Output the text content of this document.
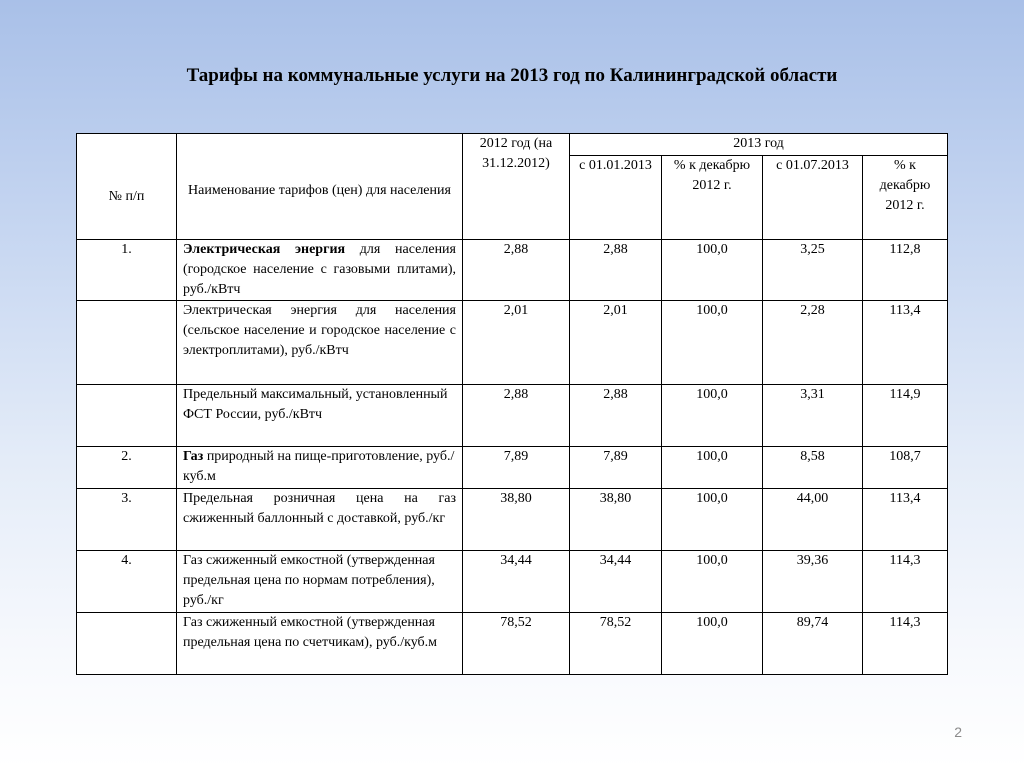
Тарифы на коммунальные услуги на 2013 год по Калининградской области
№ п/п	Наименование тарифов (цен) для населения	2012 год (на 31.12.2012)	2013 год			
			с 01.01.2013	% к декабрю 2012 г.	с 01.07.2013	% к декабрю 2012 г.
1.	Электрическая энергия для населения (городское население с газовыми плитами), руб./кВтч	2,88	2,88	100,0	3,25	112,8
	Электрическая энергия для населения (сельское население и городское население с электроплитами), руб./кВтч	2,01	2,01	100,0	2,28	113,4
	Предельный максимальный, установленный ФСТ России, руб./кВтч	2,88	2,88	100,0	3,31	114,9
2.	Газ природный на пище-приготовление, руб./куб.м	7,89	7,89	100,0	8,58	108,7
3.	Предельная розничная цена на газ сжиженный баллонный с доставкой, руб./кг	38,80	38,80	100,0	44,00	113,4
4.	Газ сжиженный емкостной (утвержденная предельная цена по нормам потребления), руб./кг	34,44	34,44	100,0	39,36	114,3
	Газ сжиженный емкостной (утвержденная предельная цена по счетчикам), руб./куб.м	78,52	78,52	100,0	89,74	114,3
2
